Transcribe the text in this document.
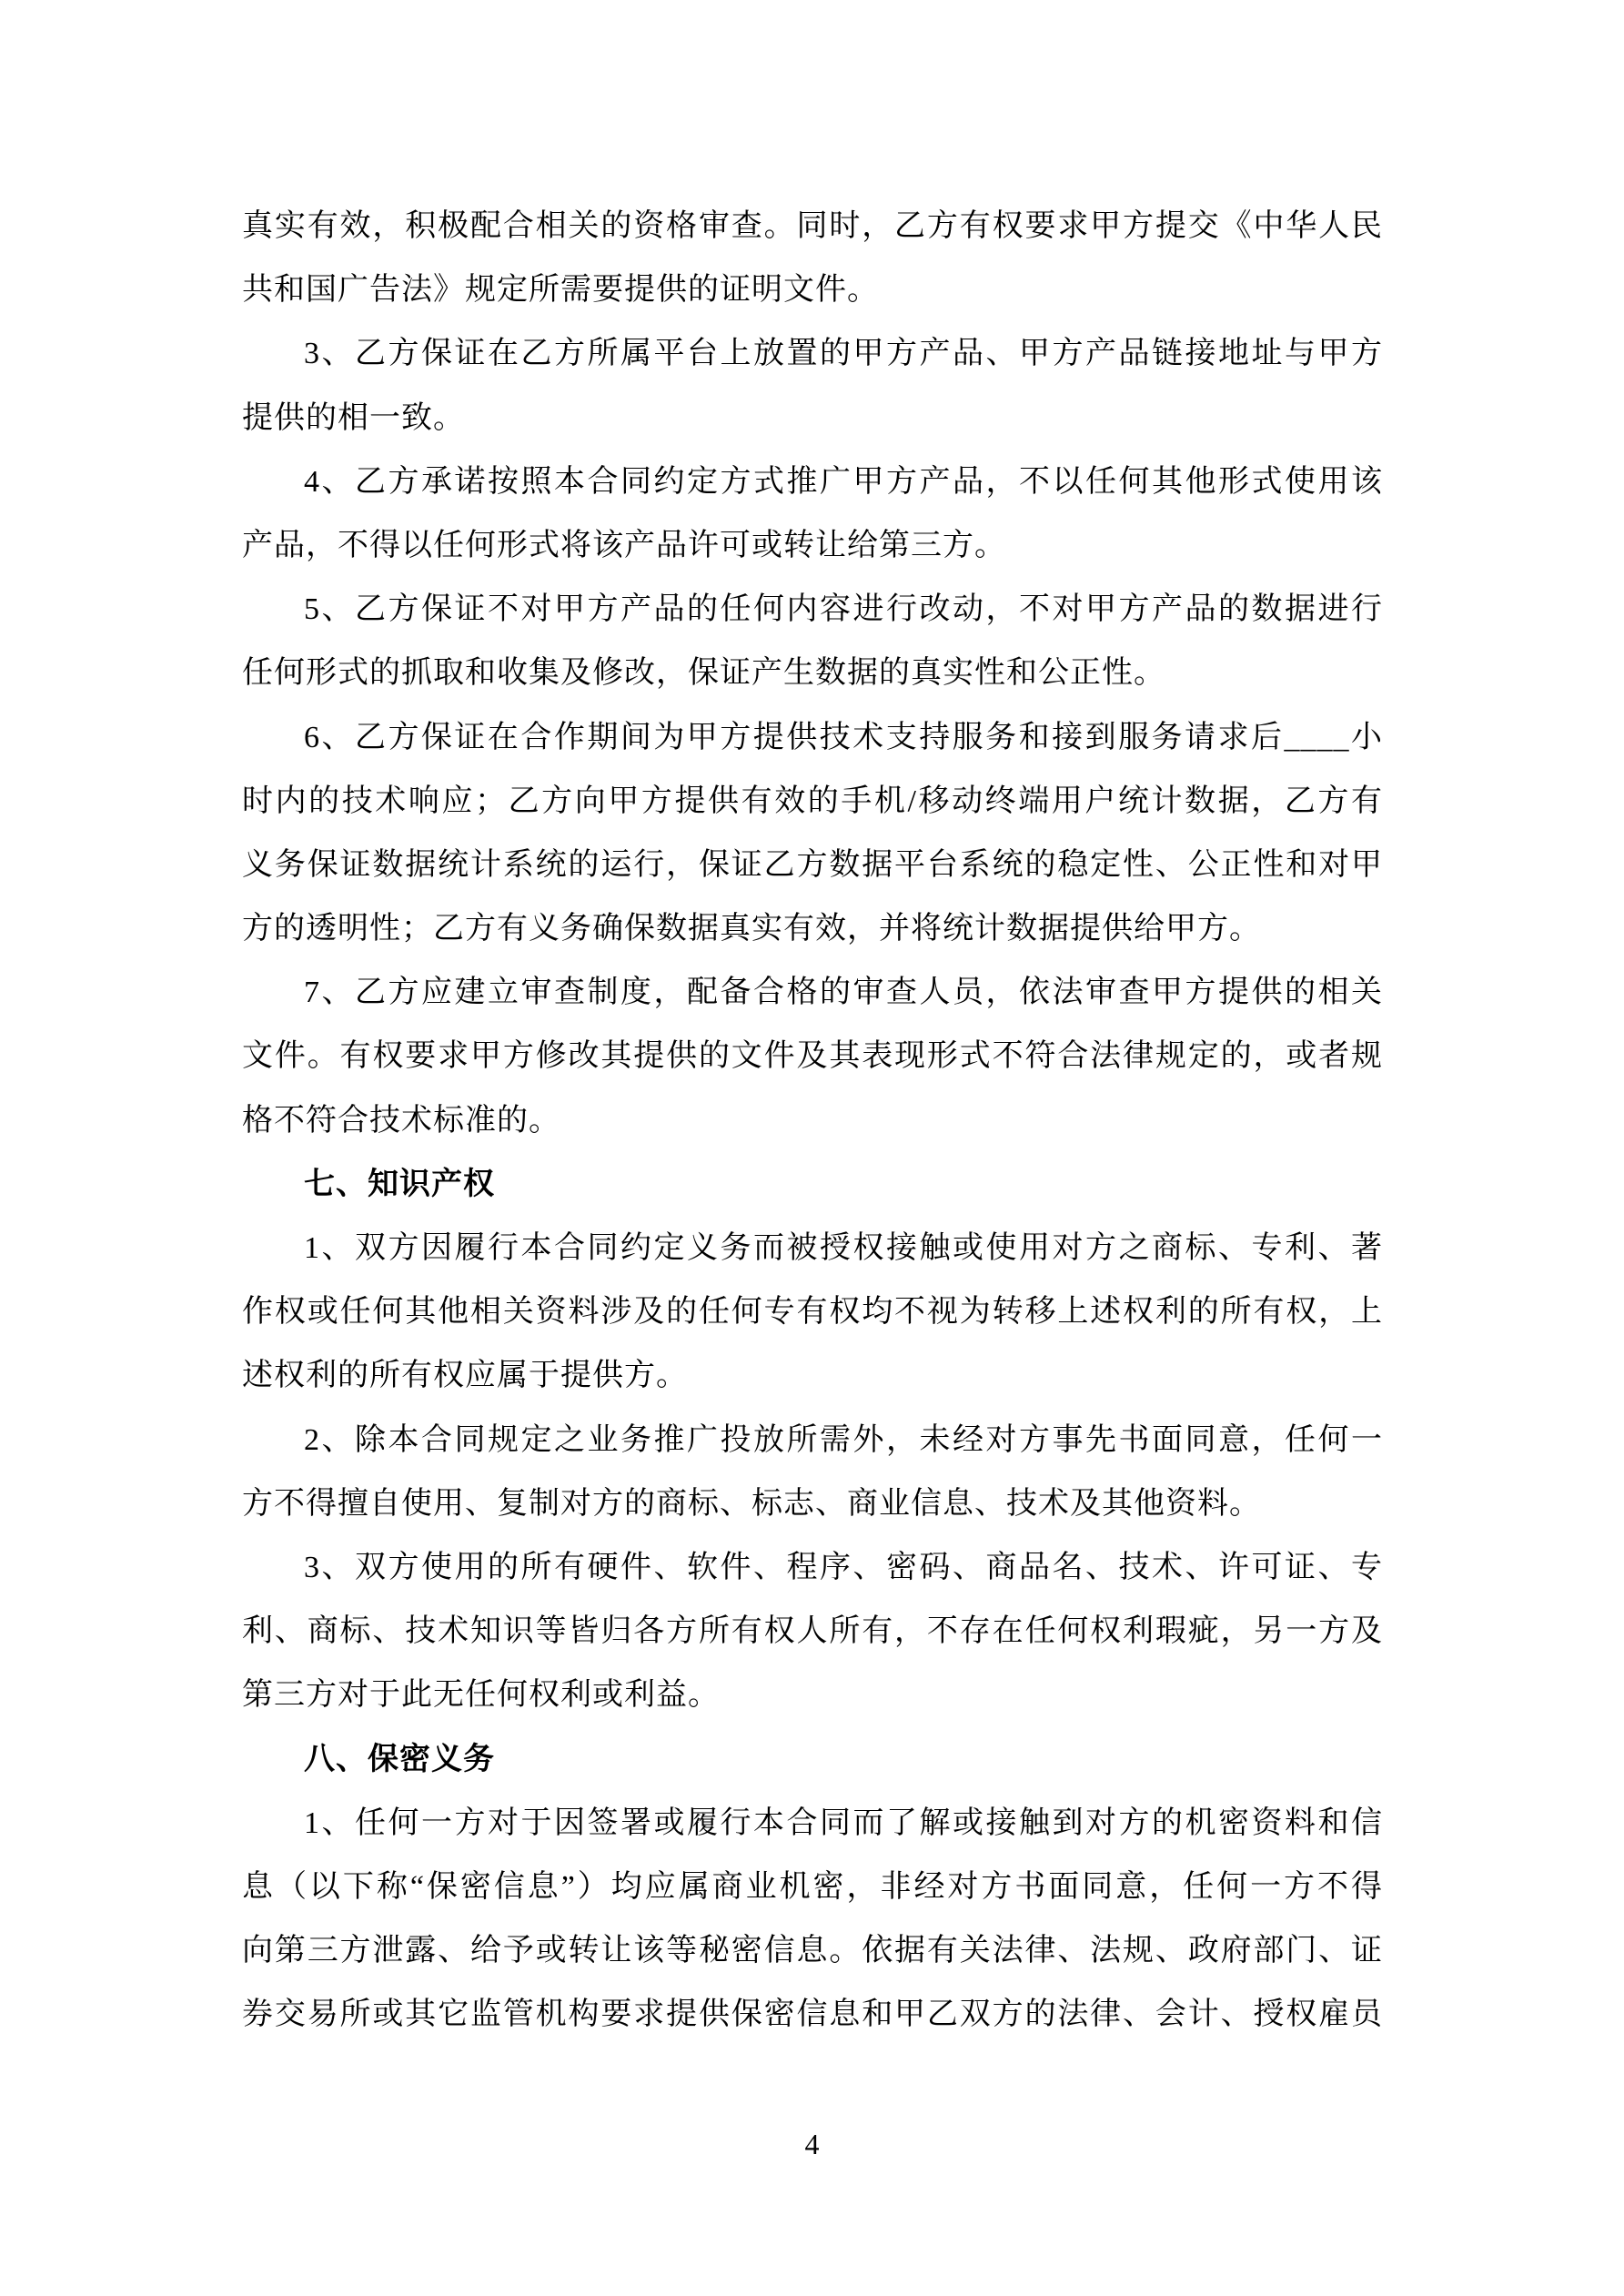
真实有效，积极配合相关的资格审查。同时，乙方有权要求甲方提交《中华人民
共和国广告法》规定所需要提供的证明文件。
3、乙方保证在乙方所属平台上放置的甲方产品、甲方产品链接地址与甲方
提供的相一致。
4、乙方承诺按照本合同约定方式推广甲方产品，不以任何其他形式使用该
产品，不得以任何形式将该产品许可或转让给第三方。
5、乙方保证不对甲方产品的任何内容进行改动，不对甲方产品的数据进行
任何形式的抓取和收集及修改，保证产生数据的真实性和公正性。
6、乙方保证在合作期间为甲方提供技术支持服务和接到服务请求后____小
时内的技术响应；乙方向甲方提供有效的手机/移动终端用户统计数据，乙方有
义务保证数据统计系统的运行，保证乙方数据平台系统的稳定性、公正性和对甲
方的透明性；乙方有义务确保数据真实有效，并将统计数据提供给甲方。
7、乙方应建立审查制度，配备合格的审查人员，依法审查甲方提供的相关
文件。有权要求甲方修改其提供的文件及其表现形式不符合法律规定的，或者规
格不符合技术标准的。
七、知识产权
1、双方因履行本合同约定义务而被授权接触或使用对方之商标、专利、著
作权或任何其他相关资料涉及的任何专有权均不视为转移上述权利的所有权，上
述权利的所有权应属于提供方。
2、除本合同规定之业务推广投放所需外，未经对方事先书面同意，任何一
方不得擅自使用、复制对方的商标、标志、商业信息、技术及其他资料。
3、双方使用的所有硬件、软件、程序、密码、商品名、技术、许可证、专
利、商标、技术知识等皆归各方所有权人所有，不存在任何权利瑕疵，另一方及
第三方对于此无任何权利或利益。
八、保密义务
1、任何一方对于因签署或履行本合同而了解或接触到对方的机密资料和信
息（以下称“保密信息”）均应属商业机密，非经对方书面同意，任何一方不得
向第三方泄露、给予或转让该等秘密信息。依据有关法律、法规、政府部门、证
券交易所或其它监管机构要求提供保密信息和甲乙双方的法律、会计、授权雇员
4
